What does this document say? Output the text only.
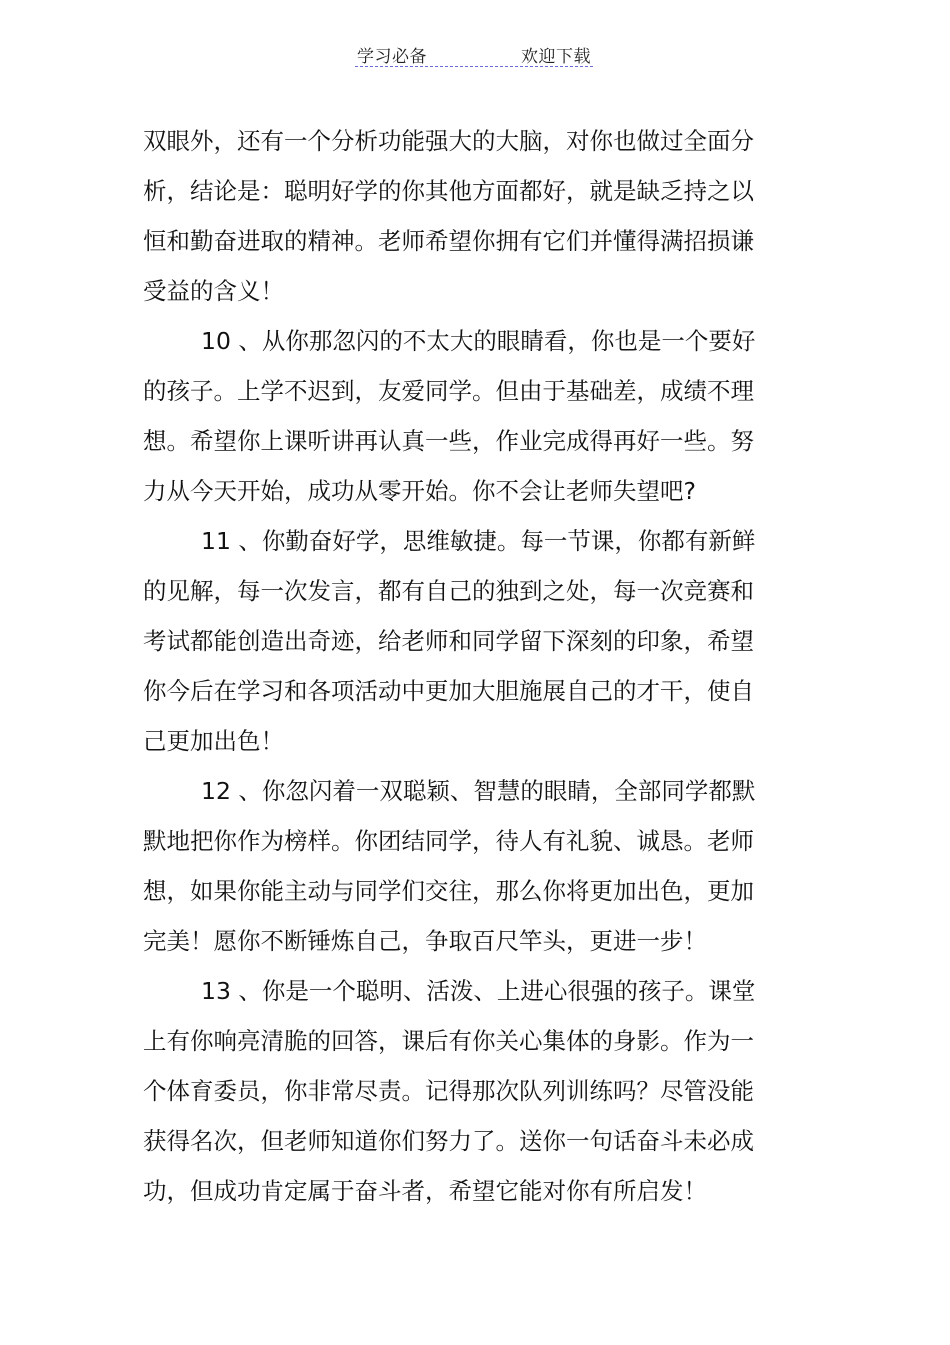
学习必备	欢迎下载
双眼外，还有一个分析功能强大的大脑，对你也做过全面分
析，结论是：聪明好学的你其他方面都好，就是缺乏持之以
恒和勤奋进取的精神。老师希望你拥有它们并懂得满招损谦
受益的含义！
10 、从你那忽闪的不太大的眼睛看，你也是一个要好
的孩子。上学不迟到，友爱同学。但由于基础差，成绩不理
想。希望你上课听讲再认真一些，作业完成得再好一些。努
力从今天开始，成功从零开始。你不会让老师失望吧?
11 、你勤奋好学，思维敏捷。每一节课，你都有新鲜
的见解，每一次发言，都有自己的独到之处，每一次竞赛和
考试都能创造出奇迹，给老师和同学留下深刻的印象，希望
你今后在学习和各项活动中更加大胆施展自己的才干，使自
己更加出色！
12 、你忽闪着一双聪颖、智慧的眼睛，全部同学都默
默地把你作为榜样。你团结同学，待人有礼貌、诚恳。老师
想，如果你能主动与同学们交往，那么你将更加出色，更加
完美！愿你不断锤炼自己，争取百尺竿头，更进一步！
13 、你是一个聪明、活泼、上进心很强的孩子。课堂
上有你响亮清脆的回答，课后有你关心集体的身影。作为一
个体育委员，你非常尽责。记得那次队列训练吗？尽管没能
获得名次，但老师知道你们努力了。送你一句话奋斗未必成
功，但成功肯定属于奋斗者，希望它能对你有所启发！
